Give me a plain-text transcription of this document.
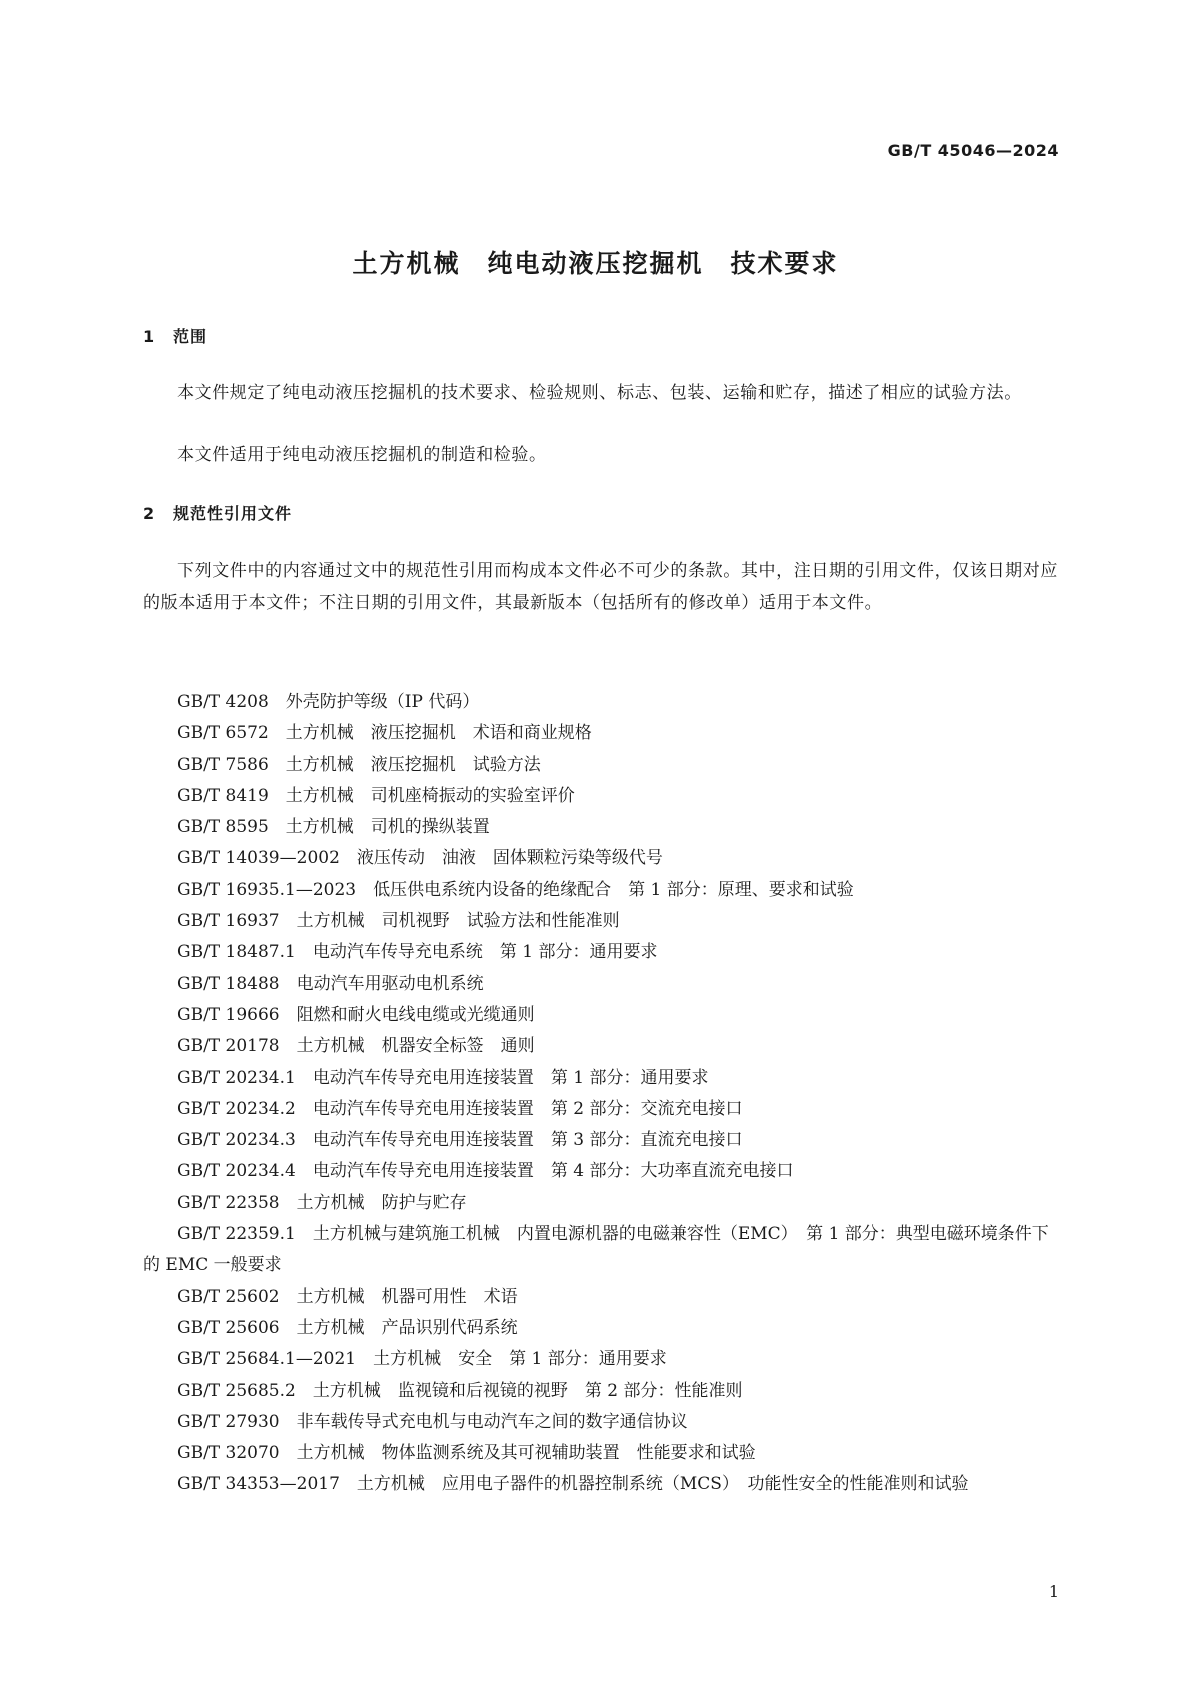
GB/T 45046—2024
土方机械　纯电动液压挖掘机　技术要求
1 范围
本文件规定了纯电动液压挖掘机的技术要求、检验规则、标志、包装、运输和贮存，描述了相应的试验方法。
本文件适用于纯电动液压挖掘机的制造和检验。
2 规范性引用文件
下列文件中的内容通过文中的规范性引用而构成本文件必不可少的条款。其中，注日期的引用文件，仅该日期对应的版本适用于本文件；不注日期的引用文件，其最新版本（包括所有的修改单）适用于本文件。
GB/T 4208　外壳防护等级（IP 代码）
GB/T 6572　土方机械　液压挖掘机　术语和商业规格
GB/T 7586　土方机械　液压挖掘机　试验方法
GB/T 8419　土方机械　司机座椅振动的实验室评价
GB/T 8595　土方机械　司机的操纵装置
GB/T 14039—2002　液压传动　油液　固体颗粒污染等级代号
GB/T 16935.1—2023　低压供电系统内设备的绝缘配合　第 1 部分：原理、要求和试验
GB/T 16937　土方机械　司机视野　试验方法和性能准则
GB/T 18487.1　电动汽车传导充电系统　第 1 部分：通用要求
GB/T 18488　电动汽车用驱动电机系统
GB/T 19666　阻燃和耐火电线电缆或光缆通则
GB/T 20178　土方机械　机器安全标签　通则
GB/T 20234.1　电动汽车传导充电用连接装置　第 1 部分：通用要求
GB/T 20234.2　电动汽车传导充电用连接装置　第 2 部分：交流充电接口
GB/T 20234.3　电动汽车传导充电用连接装置　第 3 部分：直流充电接口
GB/T 20234.4　电动汽车传导充电用连接装置　第 4 部分：大功率直流充电接口
GB/T 22358　土方机械　防护与贮存
GB/T 22359.1　土方机械与建筑施工机械　内置电源机器的电磁兼容性（EMC）　第 1 部分：典型电磁环境条件下的 EMC 一般要求
GB/T 25602　土方机械　机器可用性　术语
GB/T 25606　土方机械　产品识别代码系统
GB/T 25684.1—2021　土方机械　安全　第 1 部分：通用要求
GB/T 25685.2　土方机械　监视镜和后视镜的视野　第 2 部分：性能准则
GB/T 27930　非车载传导式充电机与电动汽车之间的数字通信协议
GB/T 32070　土方机械　物体监测系统及其可视辅助装置　性能要求和试验
GB/T 34353—2017　土方机械　应用电子器件的机器控制系统（MCS）　功能性安全的性能准则和试验
1
